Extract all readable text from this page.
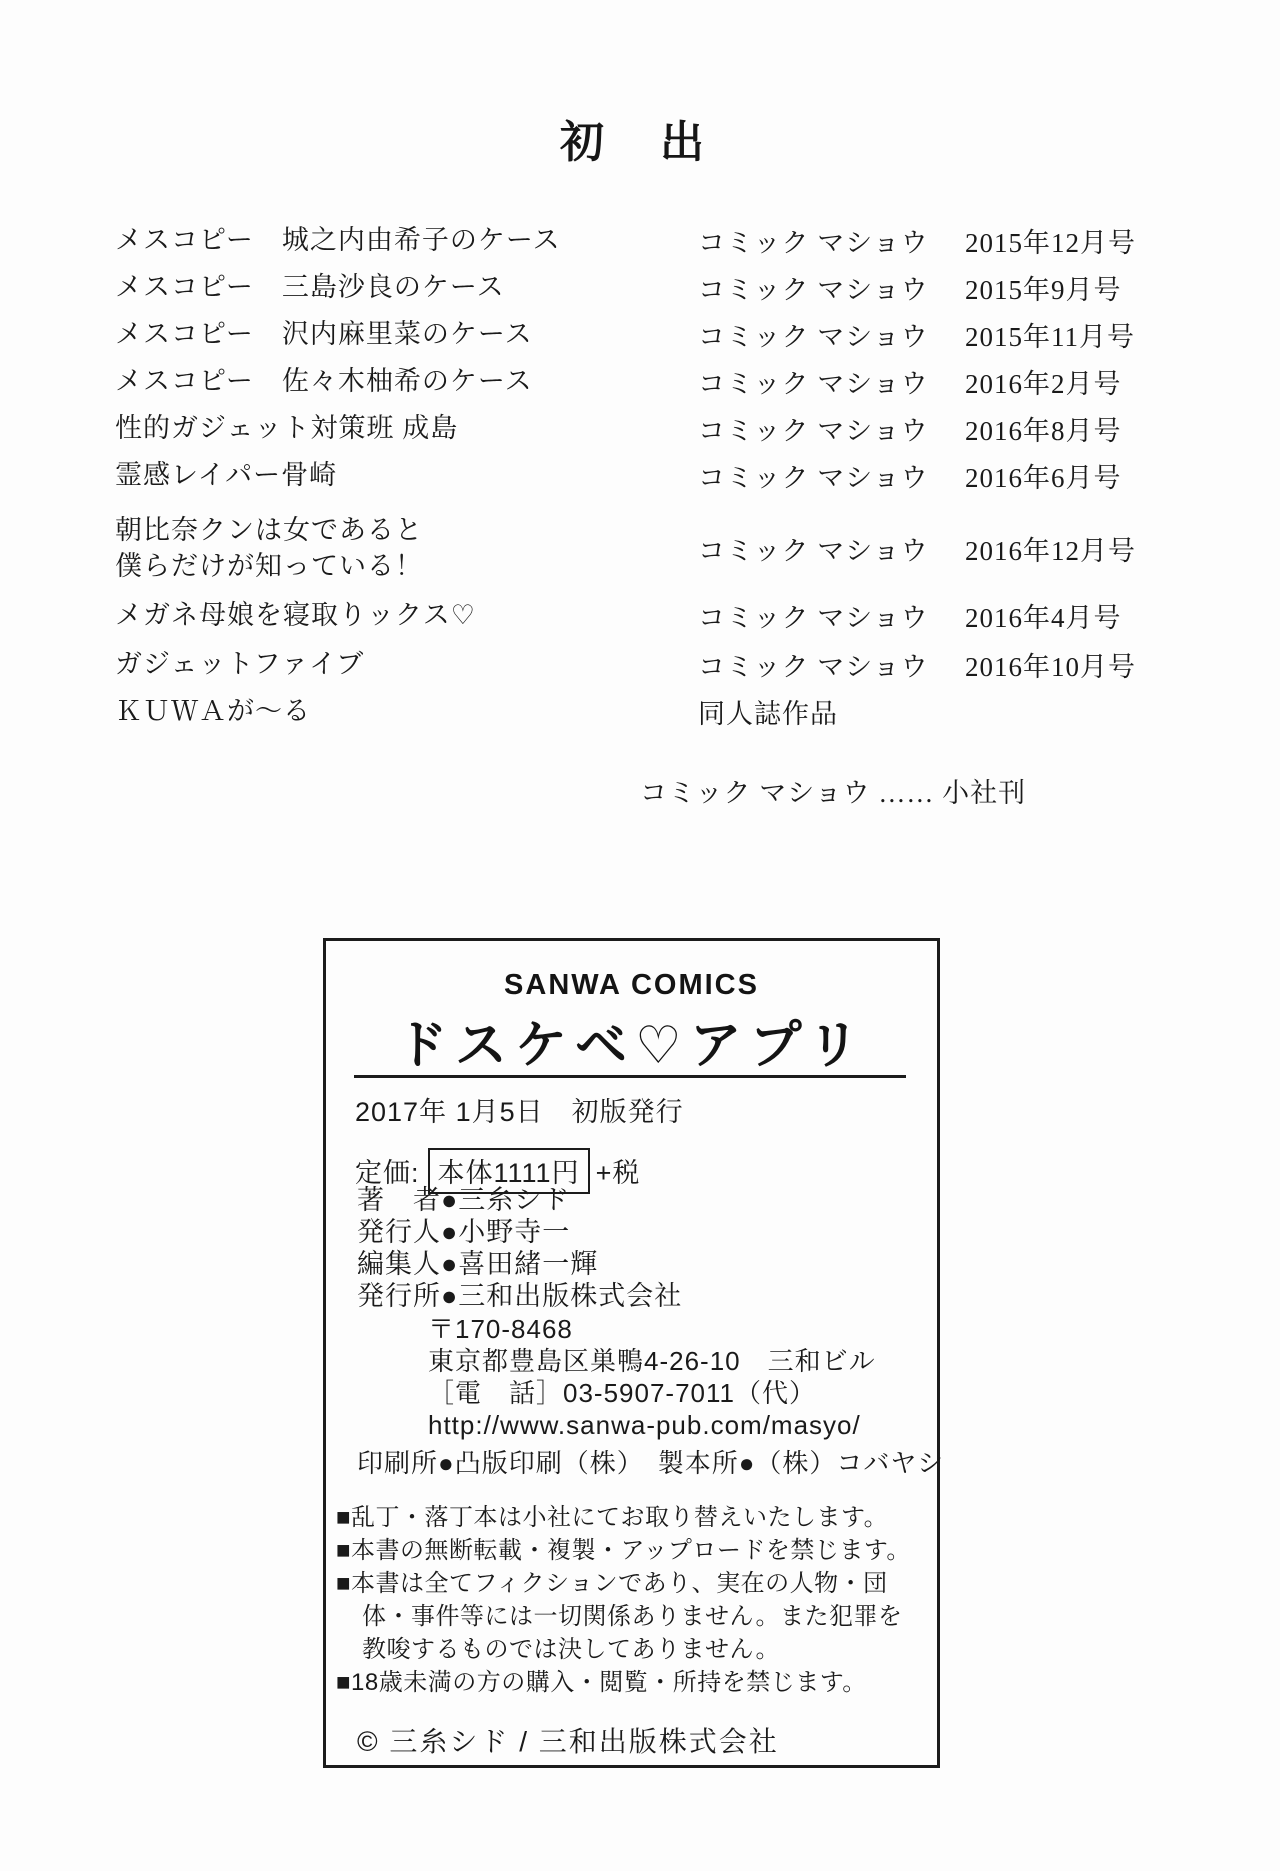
初　出
メスコピー　城之内由希子のケース	コミック マショウ	2015年12月号
メスコピー　三島沙良のケース	コミック マショウ	2015年9月号
メスコピー　沢内麻里菜のケース	コミック マショウ	2015年11月号
メスコピー　佐々木柚希のケース	コミック マショウ	2016年2月号
性的ガジェット対策班 成島	コミック マショウ	2016年8月号
霊感レイパー骨崎	コミック マショウ	2016年6月号
朝比奈クンは女であると
僕らだけが知っている！
コミック マショウ	2016年12月号
メガネ母娘を寝取りックス♡	コミック マショウ	2016年4月号
ガジェットファイブ	コミック マショウ	2016年10月号
ＫＵＷＡが～る	同人誌作品
コミック マショウ …… 小社刊
SANWA COMICS
ドスケベ♡アプリ
2017年 1月5日　初版発行
定価: 本体1111円 +税
著　者●三糸シド
発行人●小野寺一
編集人●喜田緒一輝
発行所●三和出版株式会社
〒170-8468
東京都豊島区巣鴨4-26-10　三和ビル
［電　話］03-5907-7011（代）
http://www.sanwa-pub.com/masyo/
印刷所●凸版印刷（株）　製本所●（株）コバヤシ
■乱丁・落丁本は小社にてお取り替えいたします。
■本書の無断転載・複製・アップロードを禁じます。
■本書は全てフィクションであり、実在の人物・団体・事件等には一切関係ありません。また犯罪を教唆するものでは決してありません。
■18歳未満の方の購入・閲覧・所持を禁じます。
© 三糸シド / 三和出版株式会社
